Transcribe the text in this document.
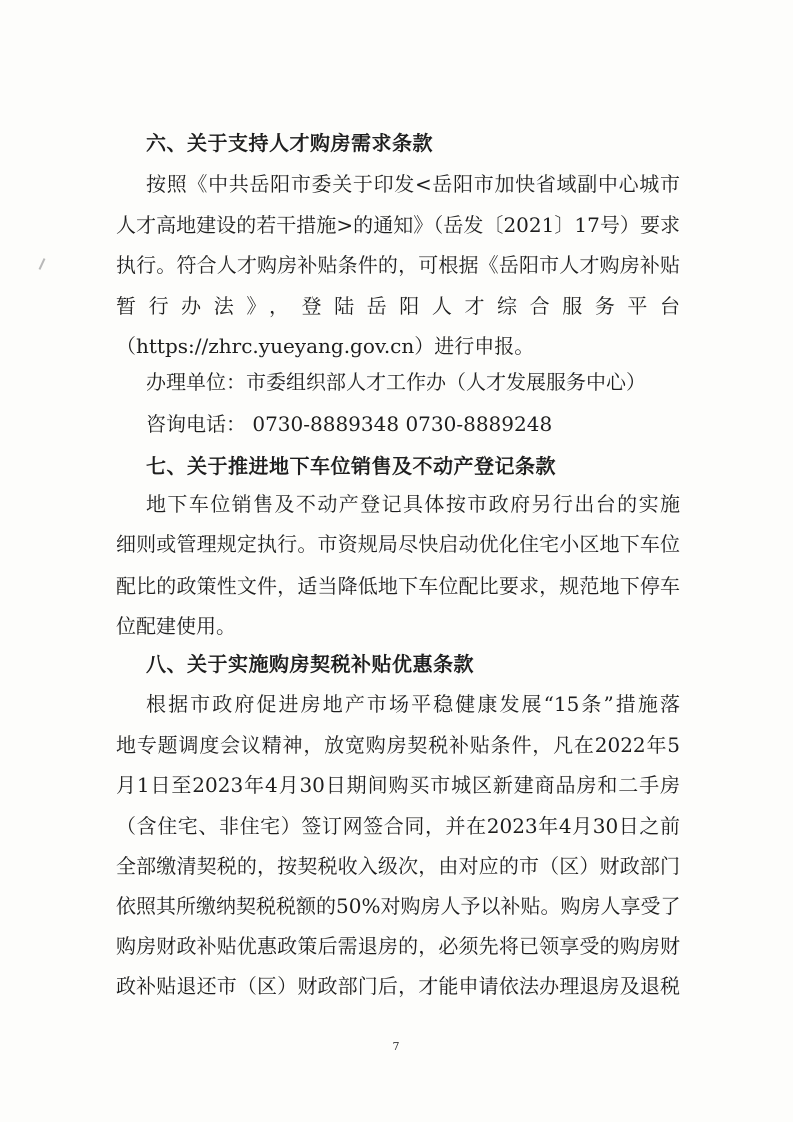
六、关于支持人才购房需求条款
按照《中共岳阳市委关于印发<岳阳市加快省域副中心城市
人才高地建设的若干措施>的通知》（岳发〔2021〕17号）要求
执行。符合人才购房补贴条件的，可根据《岳阳市人才购房补贴
暂行办法》，登陆岳阳人才综合服务平台
（https://zhrc.yueyang.gov.cn）进行申报。
办理单位：市委组织部人才工作办（人才发展服务中心）
咨询电话： 0730-8889348 0730-8889248
七、关于推进地下车位销售及不动产登记条款
地下车位销售及不动产登记具体按市政府另行出台的实施
细则或管理规定执行。市资规局尽快启动优化住宅小区地下车位
配比的政策性文件，适当降低地下车位配比要求，规范地下停车
位配建使用。
八、关于实施购房契税补贴优惠条款
根据市政府促进房地产市场平稳健康发展“15条”措施落
地专题调度会议精神，放宽购房契税补贴条件，凡在2022年5
月1日至2023年4月30日期间购买市城区新建商品房和二手房
（含住宅、非住宅）签订网签合同，并在2023年4月30日之前
全部缴清契税的，按契税收入级次，由对应的市（区）财政部门
依照其所缴纳契税税额的50%对购房人予以补贴。购房人享受了
购房财政补贴优惠政策后需退房的，必须先将已领享受的购房财
政补贴退还市（区）财政部门后，才能申请依法办理退房及退税
7
